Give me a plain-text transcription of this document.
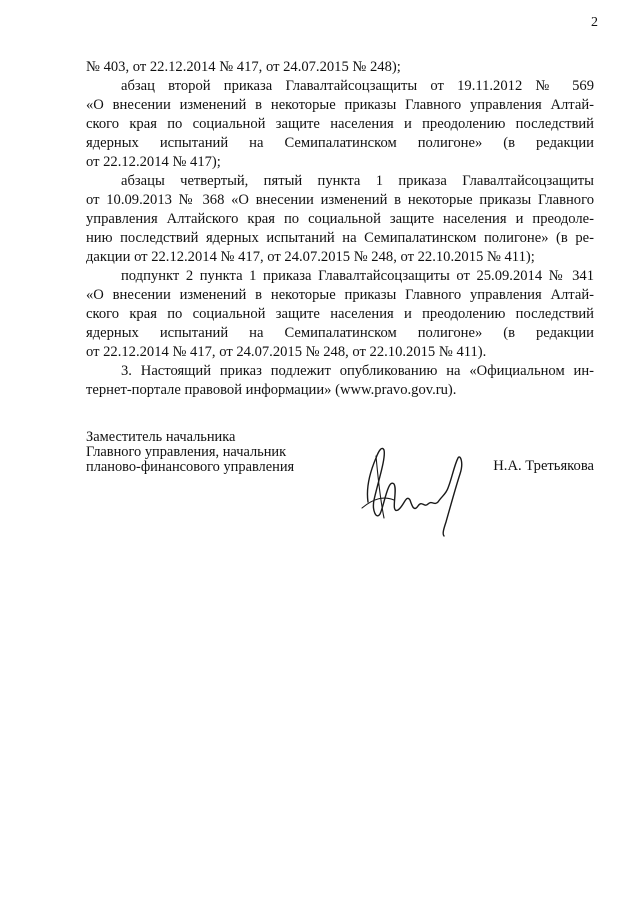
2
№ 403, от 22.12.2014 № 417, от 24.07.2015 № 248);
абзац второй приказа Главалтайсоцзащиты от 19.11.2012 № 569
«О внесении изменений в некоторые приказы Главного управления Алтай-
ского края по социальной защите населения и преодолению последствий
ядерных испытаний на Семипалатинском полигоне» (в редакции
от 22.12.2014 № 417);
абзацы четвертый, пятый пункта 1 приказа Главалтайсоцзащиты
от 10.09.2013 № 368 «О внесении изменений в некоторые приказы Главного
управления Алтайского края по социальной защите населения и преодоле-
нию последствий ядерных испытаний на Семипалатинском полигоне» (в ре-
дакции от 22.12.2014 № 417, от 24.07.2015 № 248, от 22.10.2015 № 411);
подпункт 2 пункта 1 приказа Главалтайсоцзащиты от 25.09.2014 № 341
«О внесении изменений в некоторые приказы Главного управления Алтай-
ского края по социальной защите населения и преодолению последствий
ядерных испытаний на Семипалатинском полигоне» (в редакции
от 22.12.2014 № 417, от 24.07.2015 № 248, от 22.10.2015 № 411).
3. Настоящий приказ подлежит опубликованию на «Официальном ин-
тернет-портале правовой информации» (www.pravo.gov.ru).
Заместитель начальника
Главного управления, начальник
планово-финансового управления	Н.А. Третьякова
